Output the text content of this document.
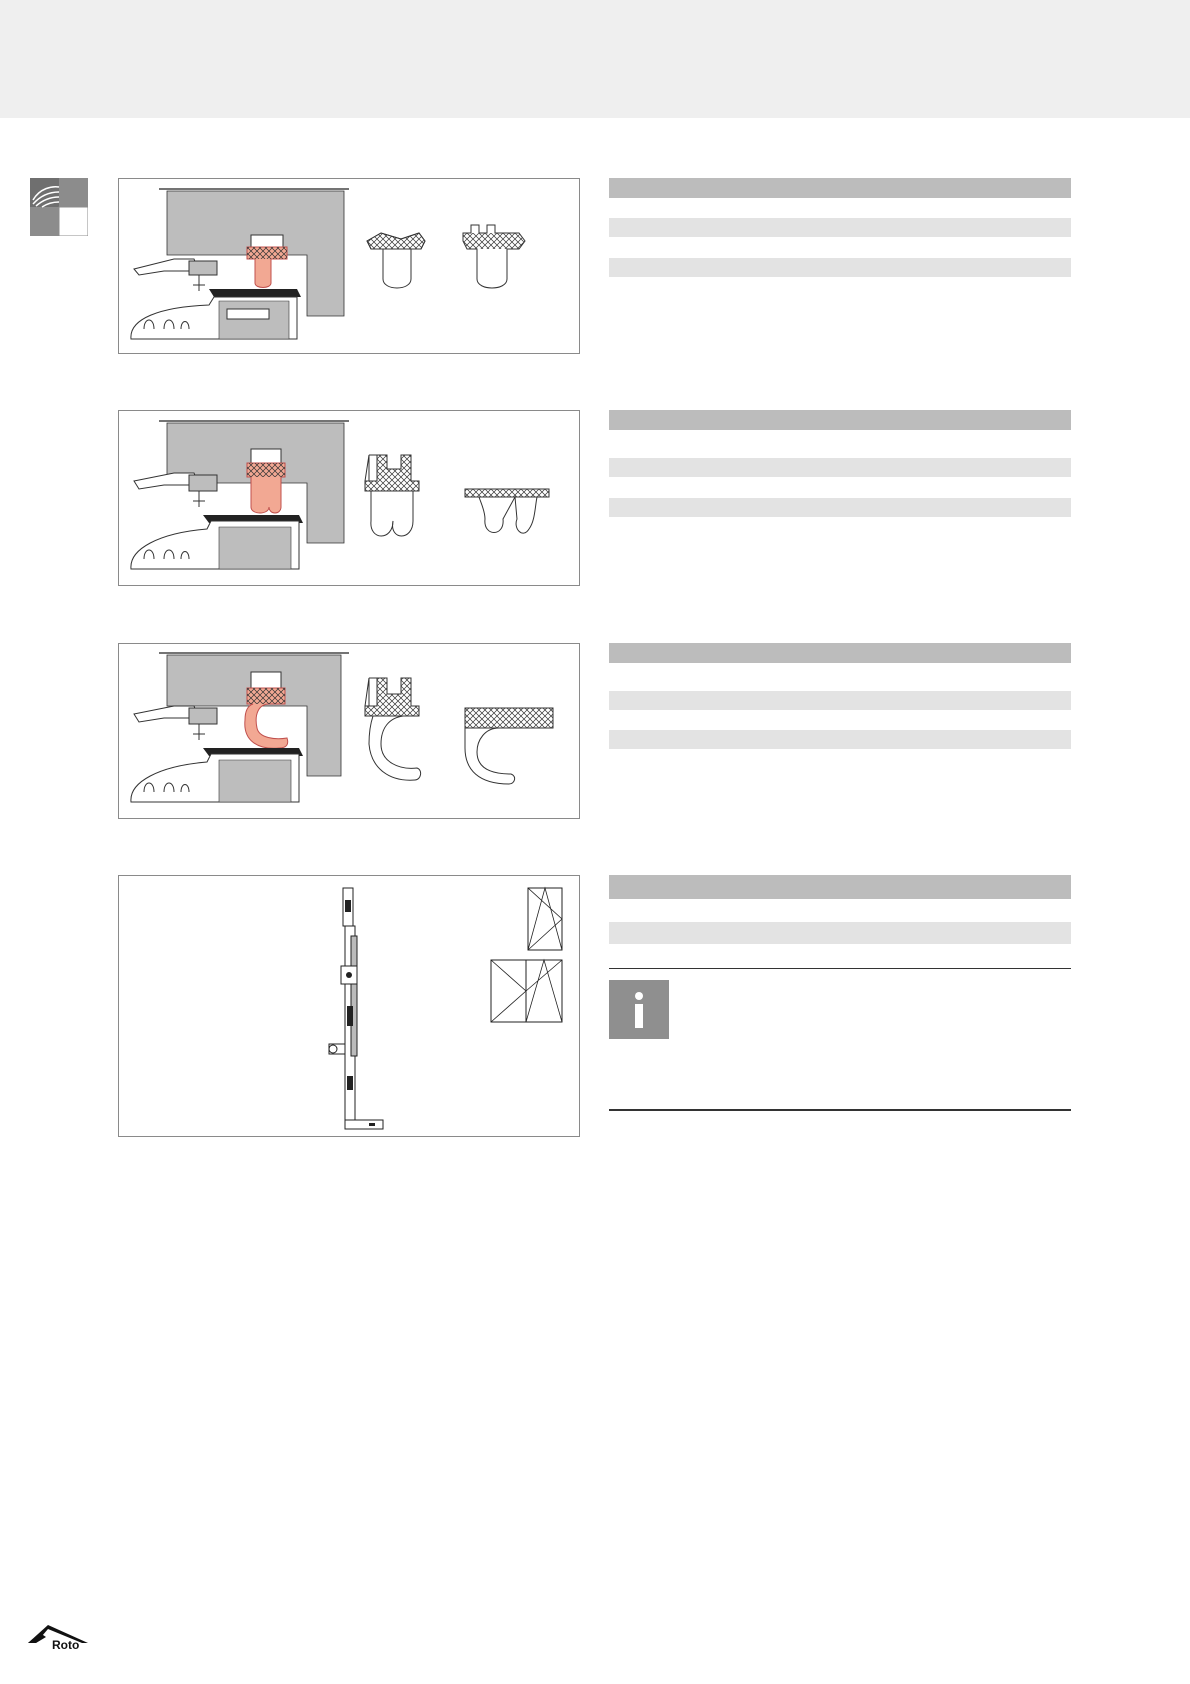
Roto
